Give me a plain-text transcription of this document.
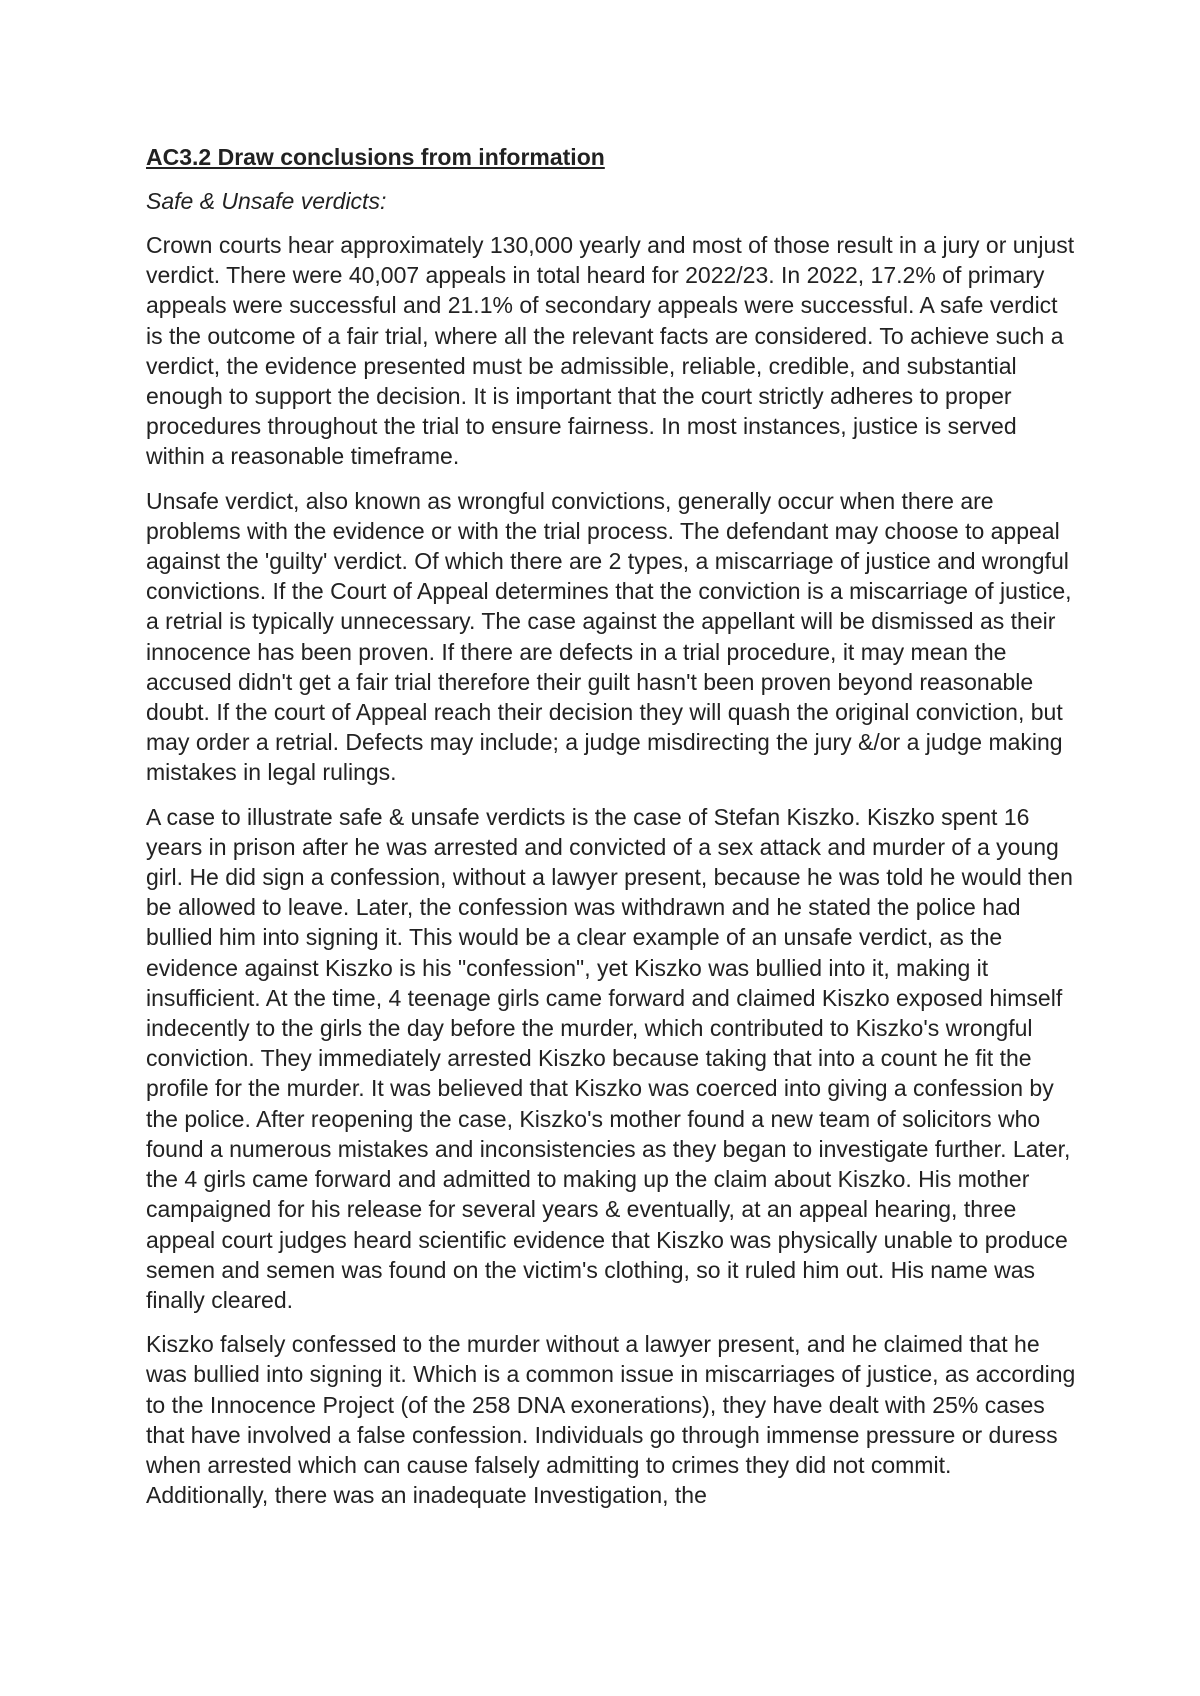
AC3.2 Draw conclusions from information
Safe & Unsafe verdicts:

Crown courts hear approximately 130,000 yearly and most of those result in a jury or unjust verdict. There were 40,007 appeals in total heard for 2022/23. In 2022, 17.2% of primary appeals were successful and 21.1% of secondary appeals were successful. A safe verdict is the outcome of a fair trial, where all the relevant facts are considered. To achieve such a verdict, the evidence presented must be admissible, reliable, credible, and substantial enough to support the decision. It is important that the court strictly adheres to proper procedures throughout the trial to ensure fairness. In most instances, justice is served within a reasonable timeframe.

Unsafe verdict, also known as wrongful convictions, generally occur when there are problems with the evidence or with the trial process. The defendant may choose to appeal against the 'guilty' verdict. Of which there are 2 types, a miscarriage of justice and wrongful convictions. If the Court of Appeal determines that the conviction is a miscarriage of justice, a retrial is typically unnecessary. The case against the appellant will be dismissed as their innocence has been proven. If there are defects in a trial procedure, it may mean the accused didn't get a fair trial therefore their guilt hasn't been proven beyond reasonable doubt. If the court of Appeal reach their decision they will quash the original conviction, but may order a retrial. Defects may include; a judge misdirecting the jury &/or a judge making mistakes in legal rulings.

A case to illustrate safe & unsafe verdicts is the case of Stefan Kiszko. Kiszko spent 16 years in prison after he was arrested and convicted of a sex attack and murder of a young girl. He did sign a confession, without a lawyer present, because he was told he would then be allowed to leave. Later, the confession was withdrawn and he stated the police had bullied him into signing it. This would be a clear example of an unsafe verdict, as the evidence against Kiszko is his "confession", yet Kiszko was bullied into it, making it insufficient. At the time, 4 teenage girls came forward and claimed Kiszko exposed himself indecently to the girls the day before the murder, which contributed to Kiszko's wrongful conviction. They immediately arrested Kiszko because taking that into a count he fit the profile for the murder. It was believed that Kiszko was coerced into giving a confession by the police. After reopening the case, Kiszko's mother found a new team of solicitors who found a numerous mistakes and inconsistencies as they began to investigate further. Later, the 4 girls came forward and admitted to making up the claim about Kiszko. His mother campaigned for his release for several years & eventually, at an appeal hearing, three appeal court judges heard scientific evidence that Kiszko was physically unable to produce semen and semen was found on the victim's clothing, so it ruled him out. His name was finally cleared.

Kiszko falsely confessed to the murder without a lawyer present, and he claimed that he was bullied into signing it. Which is a common issue in miscarriages of justice, as according to the Innocence Project (of the 258 DNA exonerations), they have dealt with 25% cases that have involved a false confession. Individuals go through immense pressure or duress when arrested which can cause falsely admitting to crimes they did not commit. Additionally, there was an inadequate Investigation, the
